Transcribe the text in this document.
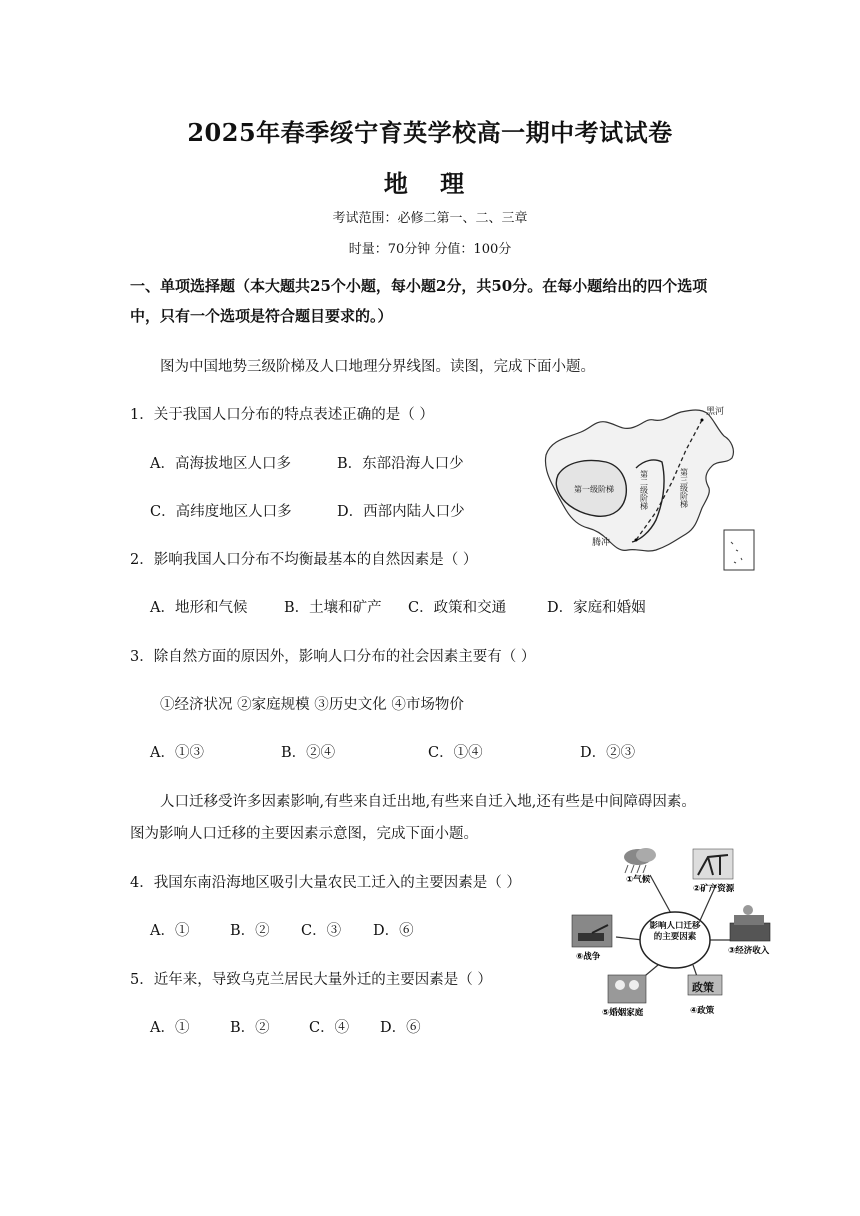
2025年春季绥宁育英学校高一期中考试试卷
地 理
考试范围：必修二第一、二、三章
时量：70分钟 分值：100分
一、单项选择题（本大题共25个小题，每小题2分，共50分。在每小题给出的四个选项
中，只有一个选项是符合题目要求的。）
图为中国地势三级阶梯及人口地理分界线图。读图，完成下面小题。
1．关于我国人口分布的特点表述正确的是（ ）
A．高海拔地区人口多	B．东部沿海人口少
C．高纬度地区人口多	D．西部内陆人口少
黑河
腾冲
第一级阶梯	第二级阶梯	第三级阶梯
2．影响我国人口分布不均衡最基本的自然因素是（ ）
A．地形和气候	B．土壤和矿产 C．政策和交通	D．家庭和婚姻
3．除自然方面的原因外，影响人口分布的社会因素主要有（ ）
①经济状况 ②家庭规模 ③历史文化 ④市场物价
A．①③	B．②④	C．①④	D．②③
人口迁移受许多因素影响,有些来自迁出地,有些来自迁入地,还有些是中间障碍因素。
图为影响人口迁移的主要因素示意图，完成下面小题。
4．我国东南沿海地区吸引大量农民工迁入的主要因素是（ ）
A．①	B．② C．③ D．⑥
5．近年来，导致乌克兰居民大量外迁的主要因素是（ ）
A．①	B．②	C．④ D．⑥
影响人口迁移的主要因素
①气候
②矿产资源
③经济收入
政策
④政策
⑤婚姻家庭
⑥战争
